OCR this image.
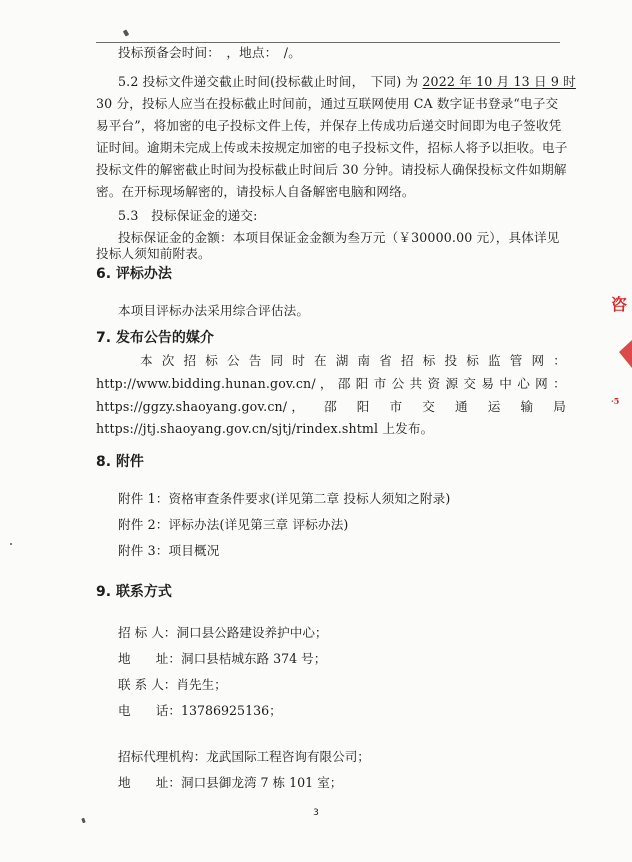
投标预备会时间：　，地点：　/。
5.2 投标文件递交截止时间(投标截止时间，　下同) 为 2022 年 10 月 13 日 9 时
30 分，投标人应当在投标截止时间前，通过互联网使用 CA 数字证书登录“电子交
易平台”，将加密的电子投标文件上传，并保存上传成功后递交时间即为电子签收凭
证时间。逾期未完成上传或未按规定加密的电子投标文件，招标人将予以拒收。电子
投标文件的解密截止时间为投标截止时间后 30 分钟。请投标人确保投标文件如期解
密。在开标现场解密的，请投标人自备解密电脑和网络。
5.3　投标保证金的递交:
投标保证金的金额：本项目保证金金额为叁万元（￥30000.00 元），具体详见
投标人须知前附表。
6. 评标办法
本项目评标办法采用综合评估法。
7. 发布公告的媒介
本 次 招 标 公 告 同 时 在 湖 南 省 招 标 投 标 监 管 网 ：
http://www.bidding.hunan.gov.cn/ ， 邵 阳 市 公 共 资 源 交 易 中 心 网 ：
https://ggzy.shaoyang.gov.cn/ ， 邵 阳 市 交 通 运 输 局
https://jtj.shaoyang.gov.cn/sjtj/rindex.shtml 上发布。
8. 附件
附件 1：资格审查条件要求(详见第二章 投标人须知之附录)
附件 2：评标办法(详见第三章 评标办法)
附件 3：项目概况
9. 联系方式
招 标 人：洞口县公路建设养护中心；
地　　址：洞口县桔城东路 374 号；
联 系 人：肖先生；
电　　话：13786925136；
招标代理机构：龙武国际工程咨询有限公司；
地　　址：洞口县御龙湾 7 栋 101 室；
3
咨
·5
